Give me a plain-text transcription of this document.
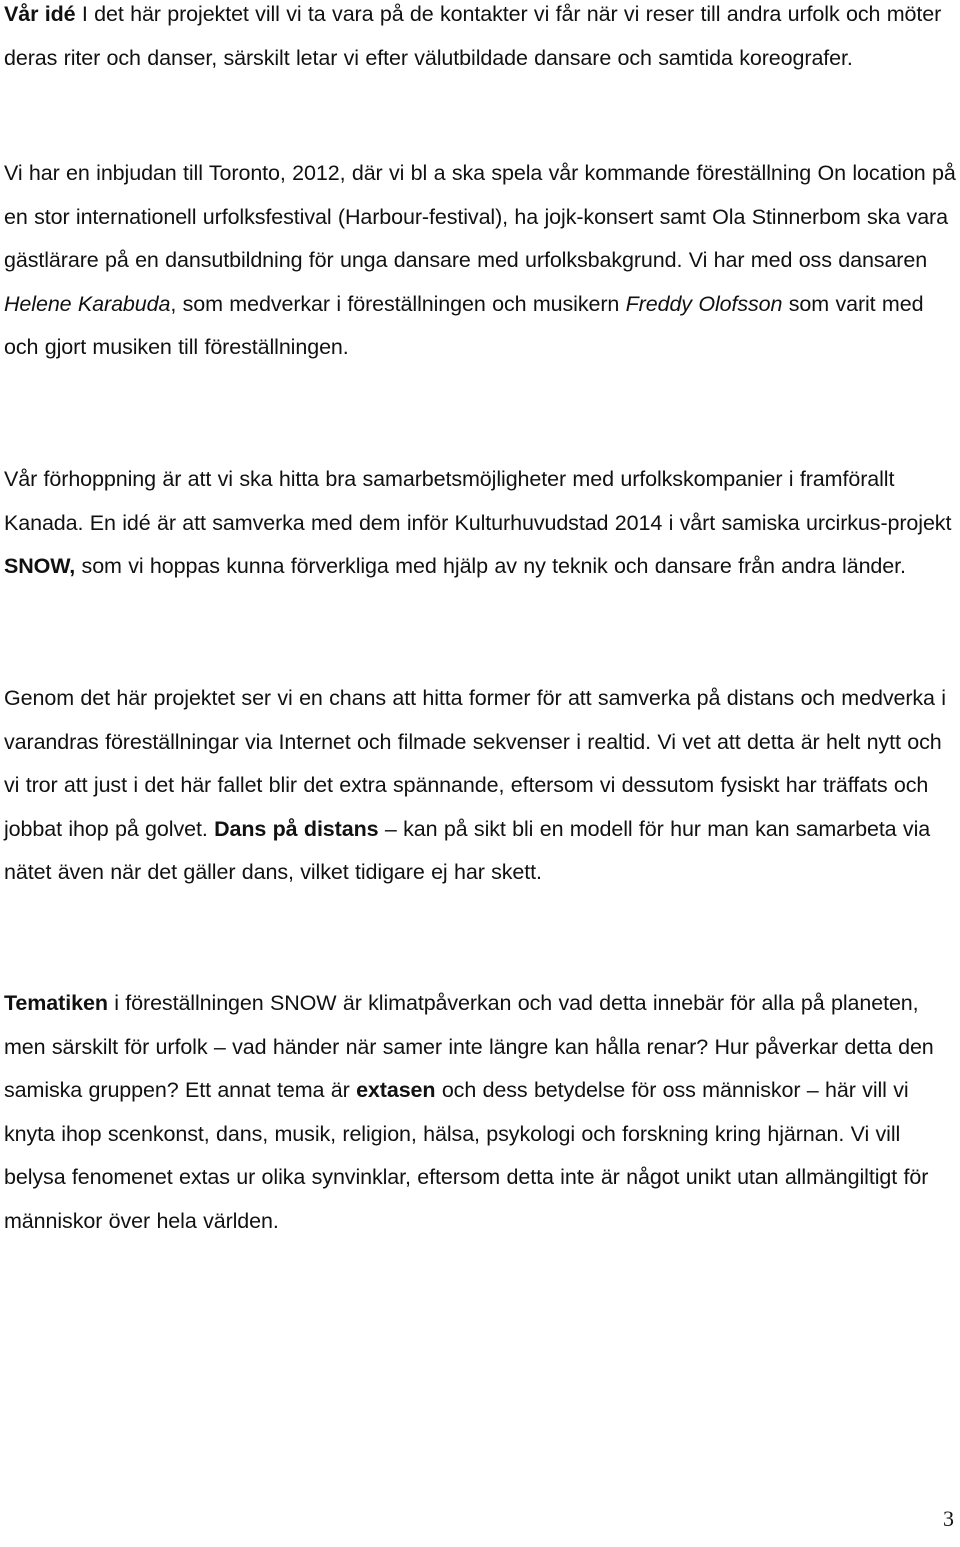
Vår idé I det här projektet vill vi ta vara på de kontakter vi får när vi reser till andra urfolk och möter deras riter och danser, särskilt letar vi efter välutbildade dansare och samtida koreografer.

Vi har en inbjudan till Toronto, 2012, där vi bl a ska spela vår kommande föreställning On location på en stor internationell urfolksfestival (Harbour-festival), ha jojk-konsert samt Ola Stinnerbom ska vara gästlärare på en dansutbildning för unga dansare med urfolksbakgrund. Vi har med oss dansaren Helene Karabuda, som medverkar i föreställningen och musikern Freddy Olofsson som varit med och gjort musiken till föreställningen.

Vår förhoppning är att vi ska hitta bra samarbetsmöjligheter med urfolkskompanier i framförallt Kanada. En idé är att samverka med dem inför Kulturhuvudstad 2014 i vårt samiska urcirkus-projekt SNOW, som vi hoppas kunna förverkliga med hjälp av ny teknik och dansare från andra länder.

Genom det här projektet ser vi en chans att hitta former för att samverka på distans och medverka i varandras föreställningar via Internet och filmade sekvenser i realtid. Vi vet att detta är helt nytt och vi tror att just i det här fallet blir det extra spännande, eftersom vi dessutom fysiskt har träffats och jobbat ihop på golvet. Dans på distans – kan på sikt bli en modell för hur man kan samarbeta via nätet även när det gäller dans, vilket tidigare ej har skett.

Tematiken i föreställningen SNOW är klimatpåverkan och vad detta innebär för alla på planeten, men särskilt för urfolk – vad händer när samer inte längre kan hålla renar? Hur påverkar detta den samiska gruppen? Ett annat tema är extasen och dess betydelse för oss människor – här vill vi knyta ihop scenkonst, dans, musik, religion, hälsa, psykologi och forskning kring hjärnan. Vi vill belysa fenomenet extas ur olika synvinklar, eftersom detta inte är något unikt utan allmängiltigt för människor över hela världen.

3
